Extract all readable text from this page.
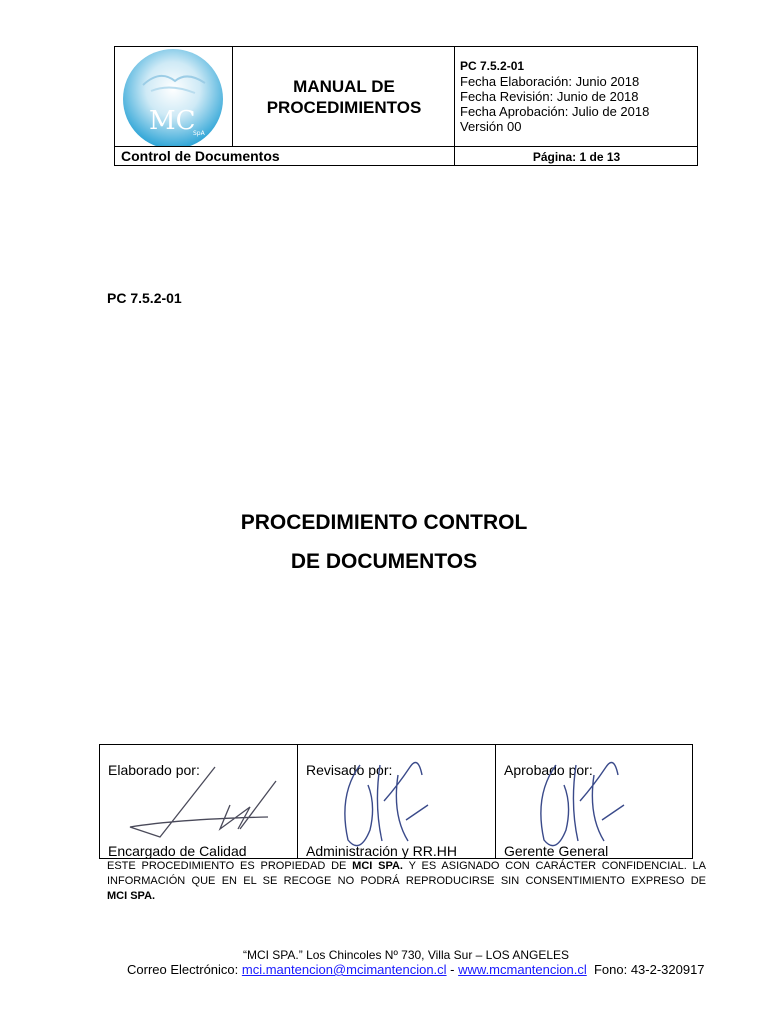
MC
SpA
MANUAL DE
PROCEDIMIENTOS
PC 7.5.2-01
Fecha Elaboración: Junio 2018
Fecha Revisión: Junio de 2018
Fecha Aprobación: Julio de 2018
Versión 00
Control de Documentos	Página: 1 de 13
PC 7.5.2-01
PROCEDIMIENTO CONTROL
DE DOCUMENTOS
Elaborado por:
Encargado de Calidad
Revisado por:
Administración y RR.HH
Aprobado por:
Gerente General
ESTE PROCEDIMIENTO ES PROPIEDAD DE MCI SPA. Y ES ASIGNADO CON CARÁCTER CONFIDENCIAL. LA INFORMACIÓN QUE EN EL SE RECOGE NO PODRÁ REPRODUCIRSE SIN CONSENTIMIENTO EXPRESO DE
MCI SPA.
“MCI SPA.” Los Chincoles Nº 730, Villa Sur – LOS ANGELES
Correo Electrónico: mci.mantencion@mcimantencion.cl - www.mcmantencion.cl  Fono: 43-2-320917
